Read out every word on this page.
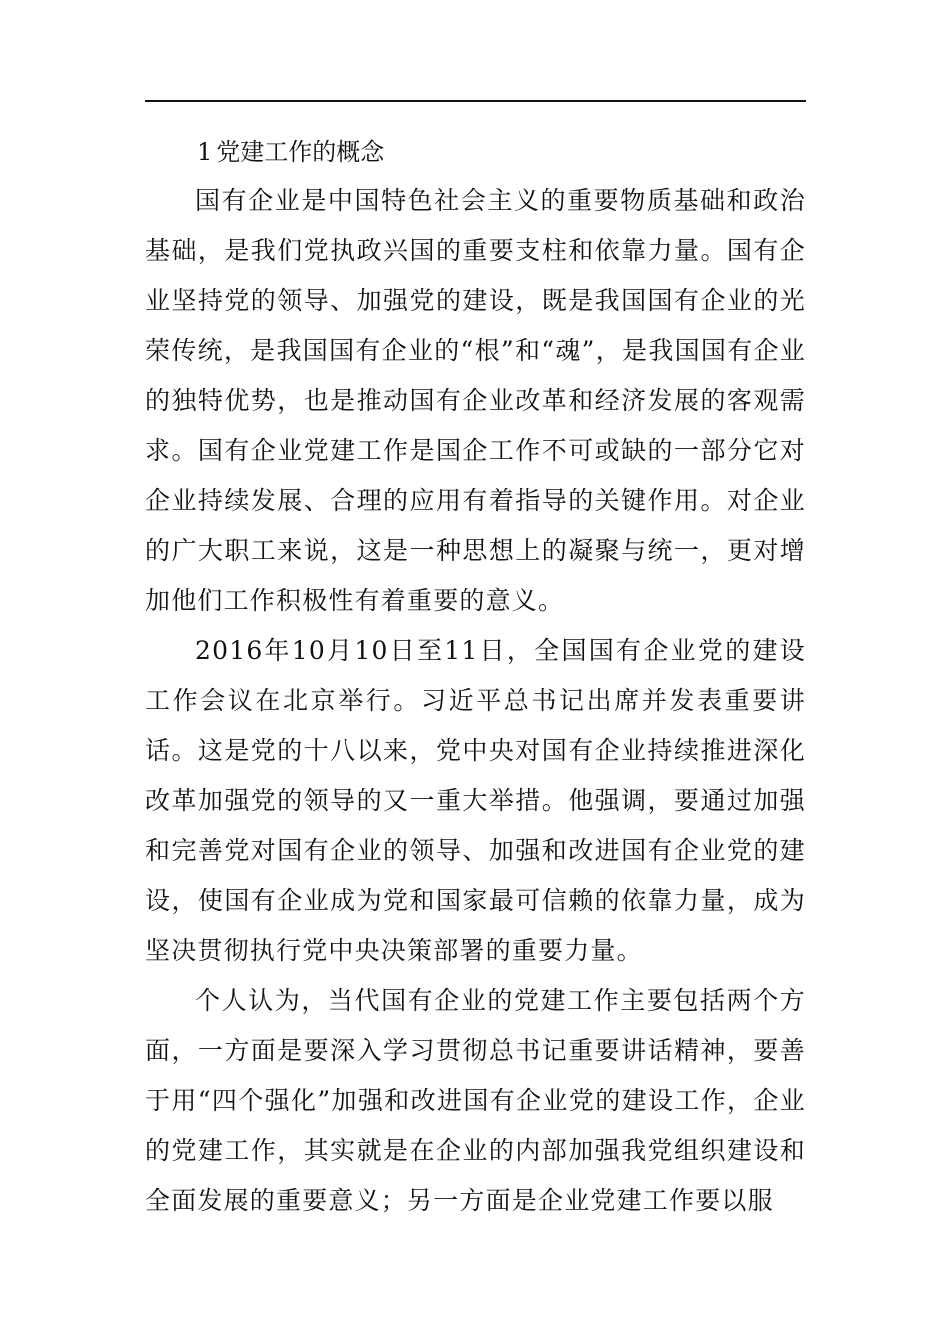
1 党建工作的概念

国有企业是中国特色社会主义的重要物质基础和政治基础，是我们党执政兴国的重要支柱和依靠力量。国有企业坚持党的领导、加强党的建设，既是我国国有企业的光荣传统，是我国国有企业的“根”和“魂”，是我国国有企业的独特优势，也是推动国有企业改革和经济发展的客观需求。国有企业党建工作是国企工作不可或缺的一部分它对企业持续发展、合理的应用有着指导的关键作用。对企业的广大职工来说，这是一种思想上的凝聚与统一，更对增加他们工作积极性有着重要的意义。

2016年10月10日至11日，全国国有企业党的建设工作会议在北京举行。习近平总书记出席并发表重要讲话。这是党的十八以来，党中央对国有企业持续推进深化改革加强党的领导的又一重大举措。他强调，要通过加强和完善党对国有企业的领导、加强和改进国有企业党的建设，使国有企业成为党和国家最可信赖的依靠力量，成为坚决贯彻执行党中央决策部署的重要力量。

个人认为，当代国有企业的党建工作主要包括两个方面，一方面是要深入学习贯彻总书记重要讲话精神，要善于用“四个强化”加强和改进国有企业党的建设工作，企业的党建工作，其实就是在企业的内部加强我党组织建设和全面发展的重要意义；另一方面是企业党建工作要以服
